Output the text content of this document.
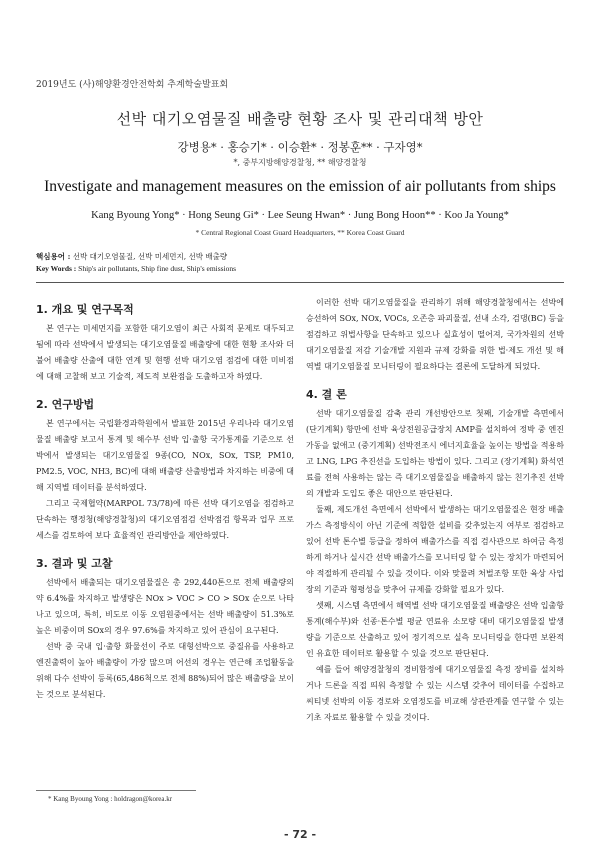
2019년도 (사)해양환경안전학회 추계학술발표회
선박 대기오염물질 배출량 현황 조사 및 관리대책 방안
강병용* · 홍승기* · 이승환* · 정봉훈** · 구자영*
*, 중부지방해양경찰청, ** 해양경찰청
Investigate and management measures on the emission of air pollutants from ships
Kang Byoung Yong* · Hong Seung Gi* · Lee Seung Hwan* · Jung Bong Hoon** · Koo Ja Young*
* Central Regional Coast Guard Headquarters, ** Korea Coast Guard
핵심용어 : 선박 대기오염물질, 선박 미세먼지, 선박 배출량
Key Words : Ship's air pollutants, Ship fine dust, Ship's emissions
1. 개요 및 연구목적

본 연구는 미세먼지를 포함한 대기오염이 최근 사회적 문제로 대두되고 됨에 따라 선박에서 발생되는 대기오염물질 배출량에 대한 현황 조사와 더불어 배출량 산출에 대한 연계 및 현행 선박 대기오염 점검에 대한 미비점에 대해 고찰해 보고 기술적, 제도적 보완점을 도출하고자 하였다.

2. 연구방법

본 연구에서는 국립환경과학원에서 발표한 2015년 우리나라 대기오염물질 배출량 보고서 통계 및 해수부 선박 입·출항 국가통계를 기준으로 선박에서 발생되는 대기오염물질 9종(CO, NOx, SOx, TSP, PM10, PM2.5, VOC, NH3, BC)에 대해 배출량 산출방법과 차지하는 비중에 대해 지역별 데이터를 분석하였다.

그리고 국제협약(MARPOL 73/78)에 따른 선박 대기오염을 점검하고 단속하는 행정청(해양경찰청)의 대기오염점검 선박점검 항목과 업무 프로세스를 검토하여 보다 효율적인 관리방안을 제안하였다.

3. 결과 및 고찰

선박에서 배출되는 대기오염물질은 총 292,440톤으로 전체 배출량의 약 6.4%를 차지하고 발생량은 NOx > VOC > CO > SOx 순으로 나타나고 있으며, 특히, 비도로 이동 오염원중에서는 선박 배출량이 51.3%로 높은 비중이며 SOx의 경우 97.6%를 차지하고 있어 관심이 요구된다.

선박 중 국내 입·출항 화물선이 주로 대형선박으로 중질유를 사용하고 엔진출력이 높아 배출량이 가장 많으며 어선의 경우는 연근해 조업활동을 위해 다수 선박이 등록(65,486척으로 전체 88%)되어 많은 배출량을 보이는 것으로 분석된다.

이러한 선박 대기오염물질을 관리하기 위해 해양경찰청에서는 선박에 승선하여 SOx, NOx, VOCs, 오존층 파괴물질, 선내 소각, 검댕(BC) 등을 점검하고 위법사항을 단속하고 있으나 실효성이 떨어져, 국가차원의 선박 대기오염물질 저감 기술개발 지원과 규제 강화를 위한 법·제도 개선 및 해역별 대기오염물질 모니터링이 필요하다는 결론에 도달하게 되었다.

4. 결 론

선박 대기오염물질 감축 관리 개선방안으로 첫째, 기술개발 측면에서 (단기계획) 항만에 선박 육상전원공급장치 AMP를 설치하여 정박 중 엔진가동을 없애고 (중기계획) 선박전조시 에너지효율을 높이는 방법을 적용하고 LNG, LPG 추진선을 도입하는 방법이 있다. 그리고 (장기계획) 화석연료를 전혀 사용하는 않는 즉 대기오염물질을 배출하지 않는 친기추진 선박의 개발과 도입도 좋은 대안으로 판단된다.

둘째, 제도개선 측면에서 선박에서 발생하는 대기오염물질은 현장 배출가스 측정방식이 아닌 기준에 적합한 설비를 갖추었는지 여부로 점검하고 있어 선박 톤수별 등급을 정하여 배출가스를 직접 검사관으로 하여금 측정하게 하거나 실시간 선박 배출가스를 모니터링 할 수 있는 장치가 마련되어야 적절하게 관리될 수 있을 것이다. 이와 맞물려 처벌조항 또한 육상 사업장의 기준과 형평성을 맞추어 규제를 강화할 필요가 있다.

셋째, 시스템 측면에서 해역별 선박 대기오염물질 배출량은 선박 입출항 통계(해수부)와 선종·톤수별 평균 연료유 소모량 대비 대기오염물질 발생량을 기준으로 산출하고 있어 정기적으로 실측 모니터링을 한다면 보완적인 유효한 데이터로 활용할 수 있을 것으로 판단된다.

예를 들어 해양경찰청의 경비함정에 대기오염물질 측정 장비를 설치하거나 드론을 직접 띄워 측정할 수 있는 시스템 갖추어 데이터를 수집하고 씨티넷 선박의 이동 경로와 오염정도를 비교해 상관관계를 연구할 수 있는 기초 자료로 활용할 수 있을 것이다.

* Kang Byoung Yong : holdragon@korea.kr
- 72 -
